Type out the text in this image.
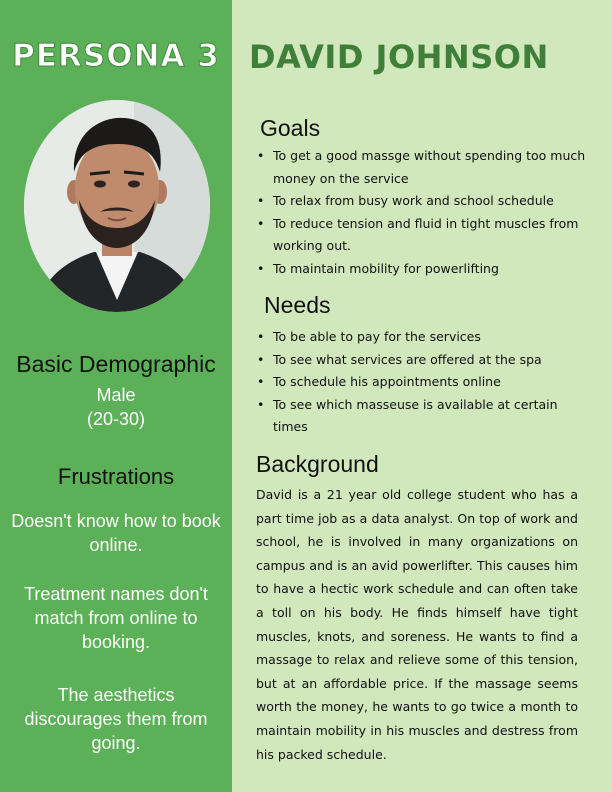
PERSONA 3 DAVID JOHNSON
Basic Demographic
Male
(20-30)
Frustrations
Doesn't know how to book online.
Treatment names don't match from online to booking.
The aesthetics discourages them from going.
Goals
• To get a good massge without spending too much money on the service
• To relax from busy work and school schedule
• To reduce tension and fluid in tight muscles from working out.
• To maintain mobility for powerlifting
Needs
• To be able to pay for the services
• To see what services are offered at the spa
• To schedule his appointments online
• To see which masseuse is available at certain times
Background
David is a 21 year old college student who has a part time job as a data analyst. On top of work and school, he is involved in many organizations on campus and is an avid powerlifter. This causes him to have a hectic work schedule and can often take a toll on his body. He finds himself have tight muscles, knots, and soreness. He wants to find a massage to relax and relieve some of this tension, but at an affordable price. If the massage seems worth the money, he wants to go twice a month to maintain mobility in his muscles and destress from his packed schedule.
